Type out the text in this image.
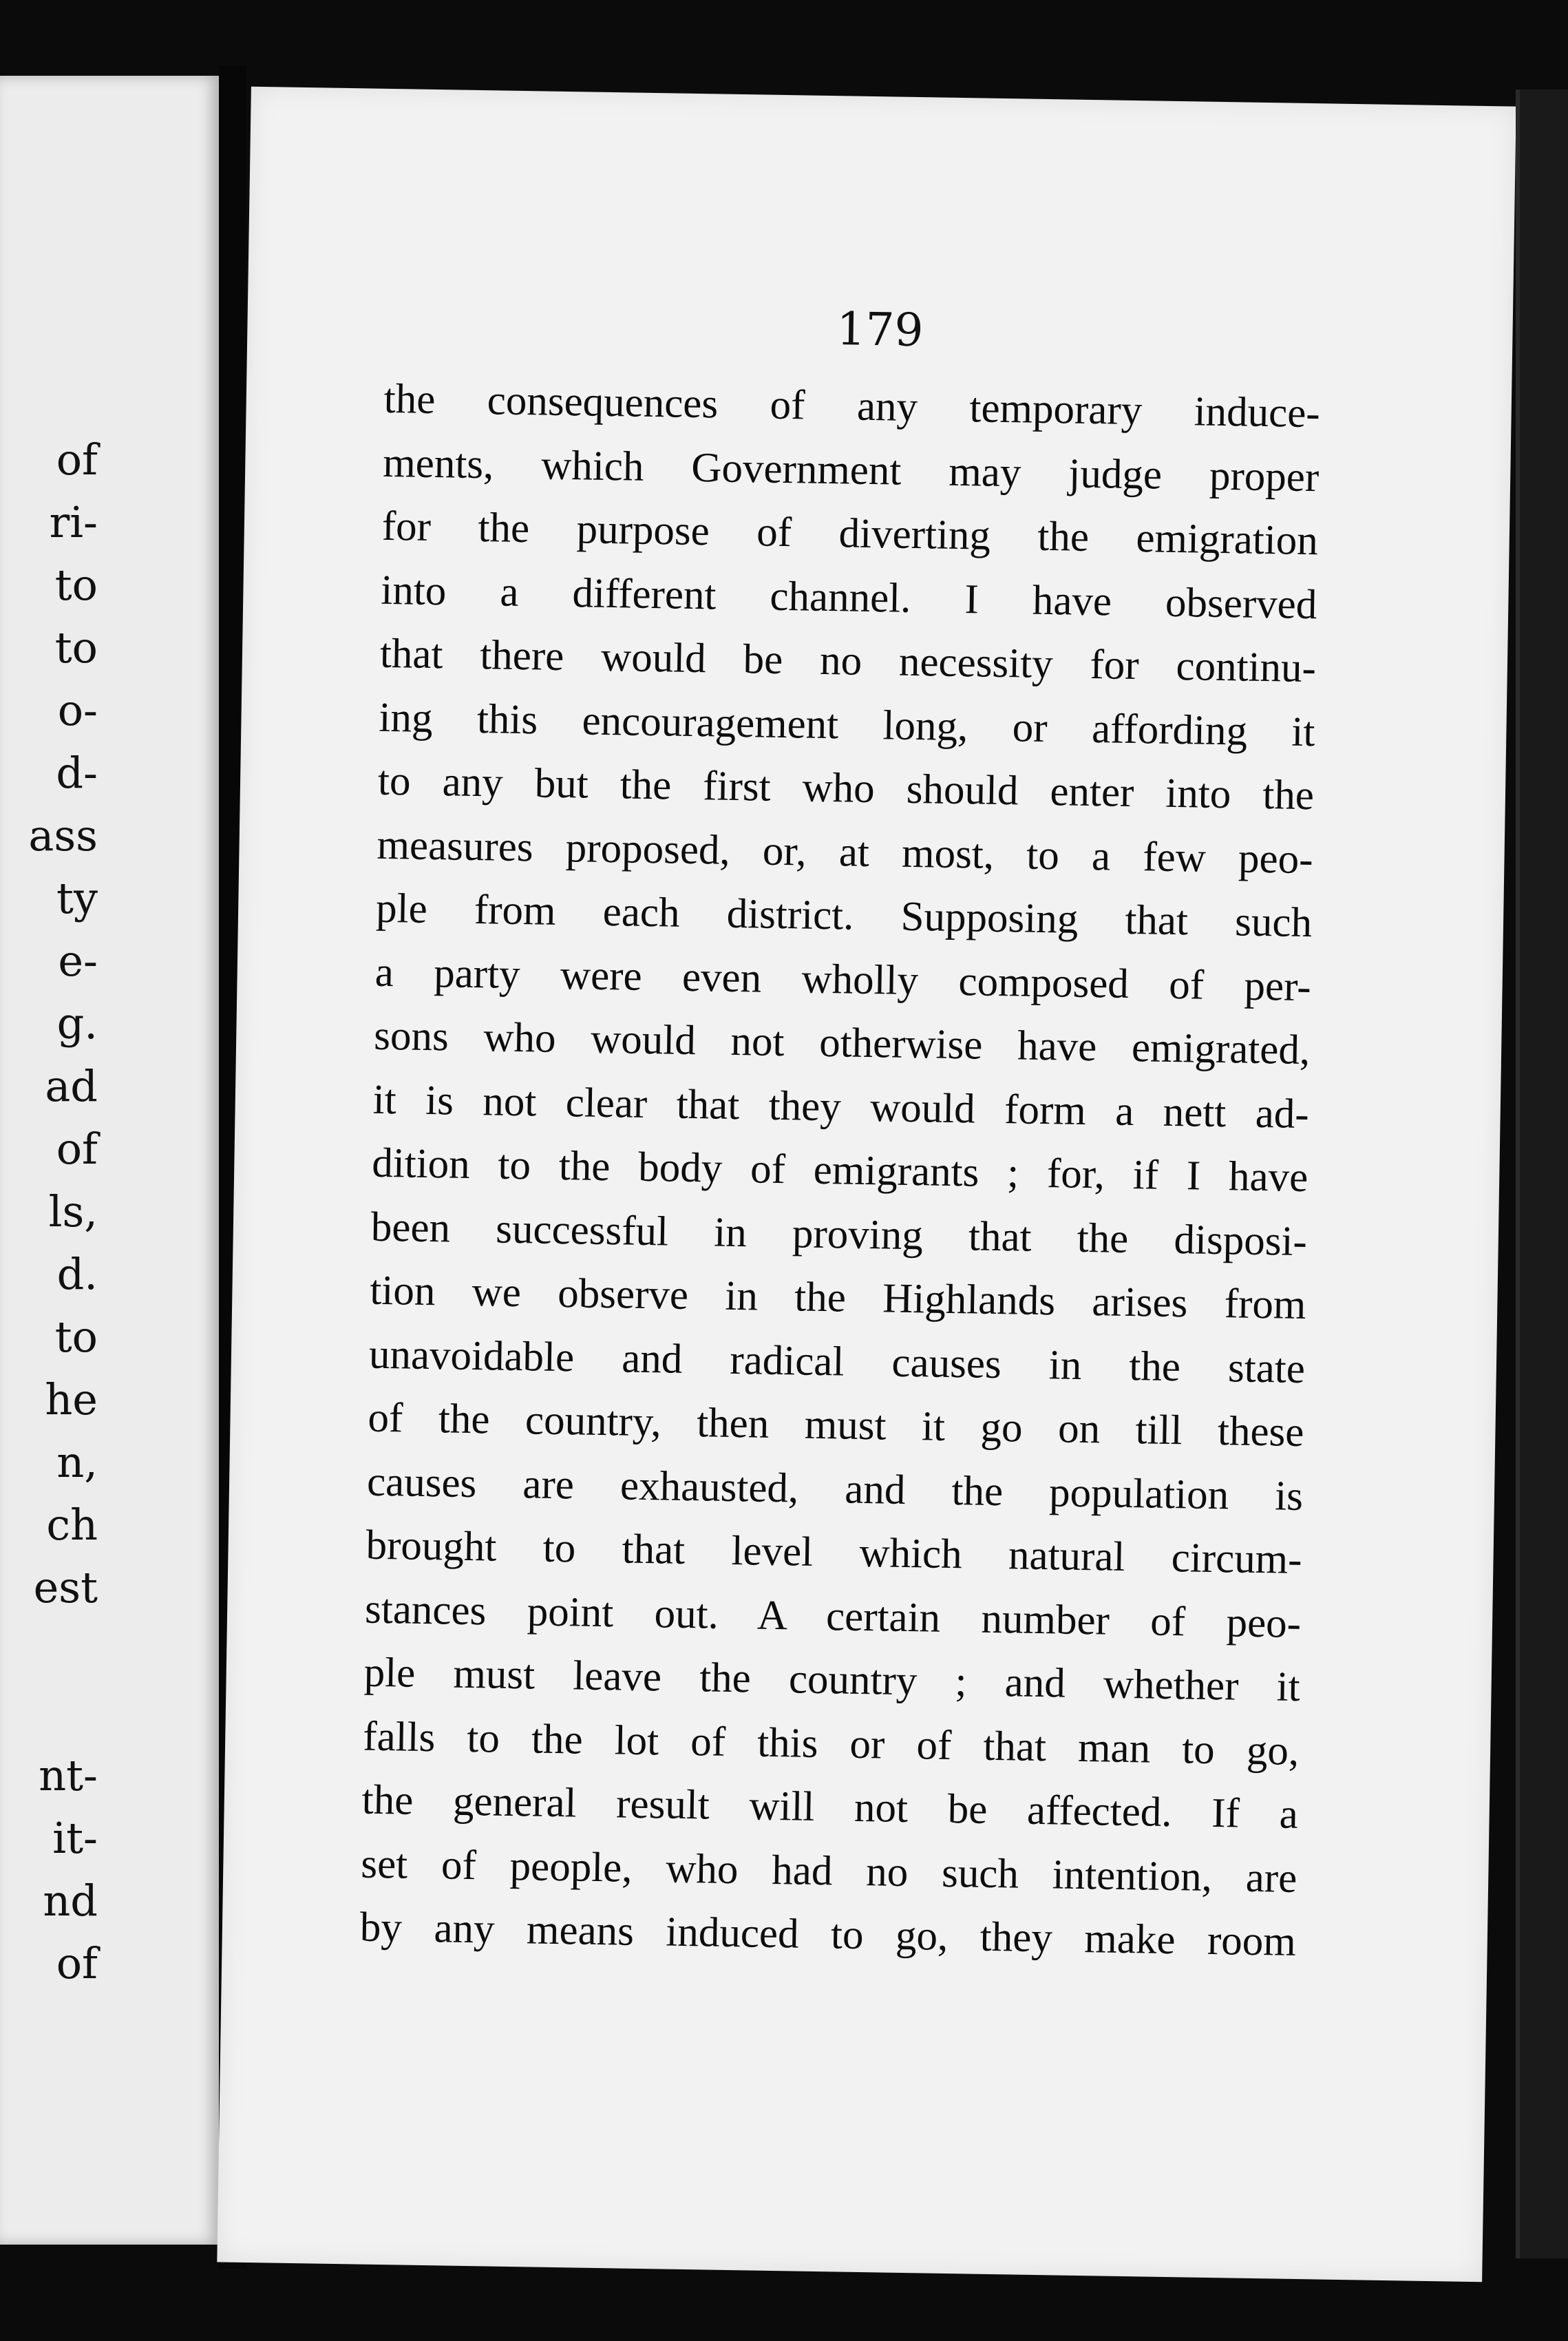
of
ri-
to
to
o-
d-
ass
ty
e-
g.
ad
of
ls,
d.
to
he
n,
ch
est
nt-
it-
nd
of

179

the consequences of any temporary induce-
ments, which Government may judge proper
for the purpose of diverting the emigration
into a different channel. I have observed
that there would be no necessity for continu-
ing this encouragement long, or affording it
to any but the first who should enter into the
measures proposed, or, at most, to a few peo-
ple from each district. Supposing that such
a party were even wholly composed of per-
sons who would not otherwise have emigrated,
it is not clear that they would form a nett ad-
dition to the body of emigrants ; for, if I have
been successful in proving that the disposi-
tion we observe in the Highlands arises from
unavoidable and radical causes in the state
of the country, then must it go on till these
causes are exhausted, and the population is
brought to that level which natural circum-
stances point out. A certain number of peo-
ple must leave the country ; and whether it
falls to the lot of this or of that man to go,
the general result will not be affected. If a
set of people, who had no such intention, are
by any means induced to go, they make room
